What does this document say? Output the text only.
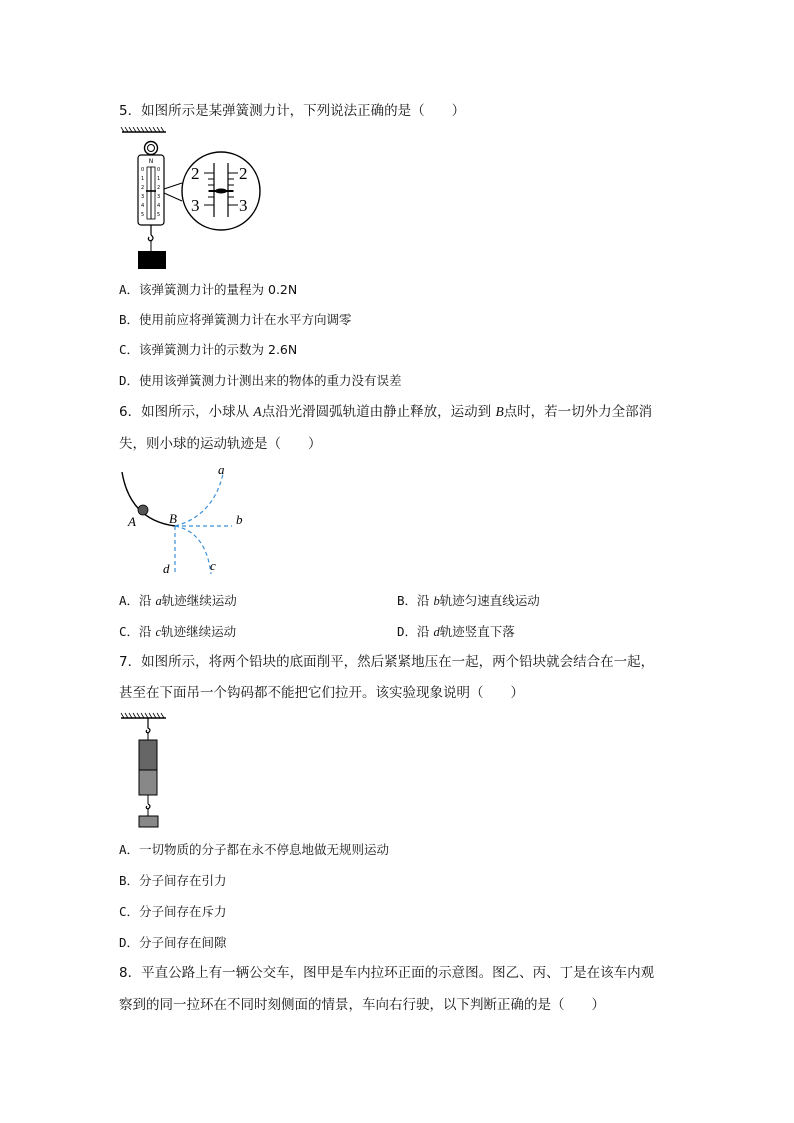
5．如图所示是某弹簧测力计，下列说法正确的是（　　）
N
0
1
2
3
4
5
0
1
2
3
4
5
2 2
3 3
A．该弹簧测力计的量程为 0.2N
B．使用前应将弹簧测力计在水平方向调零
C．该弹簧测力计的示数为 2.6N
D．使用该弹簧测力计测出来的物体的重力没有误差
6．如图所示，小球从 A点沿光滑圆弧轨道由静止释放，运动到 B点时，若一切外力全部消
失，则小球的运动轨迹是（　　）
A	B
a
b
c
d
A．沿 a轨迹继续运动	B．沿 b轨迹匀速直线运动
C．沿 c轨迹继续运动	D．沿 d轨迹竖直下落
7．如图所示，将两个铅块的底面削平，然后紧紧地压在一起，两个铅块就会结合在一起，
甚至在下面吊一个钩码都不能把它们拉开。该实验现象说明（　　）
A．一切物质的分子都在永不停息地做无规则运动
B．分子间存在引力
C．分子间存在斥力
D．分子间存在间隙
8．平直公路上有一辆公交车，图甲是车内拉环正面的示意图。图乙、丙、丁是在该车内观
察到的同一拉环在不同时刻侧面的情景，车向右行驶，以下判断正确的是（　　）
